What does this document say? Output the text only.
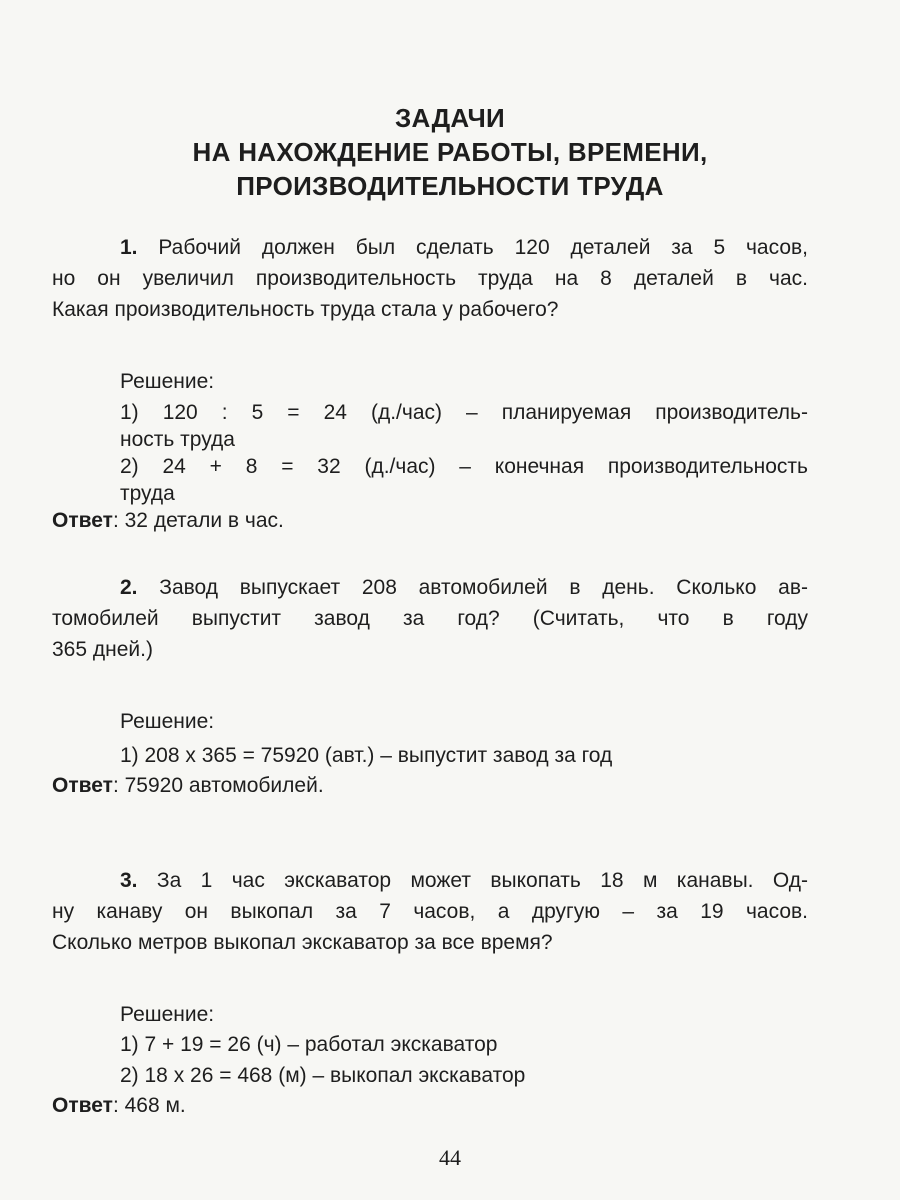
ЗАДАЧИ
НА НАХОЖДЕНИЕ РАБОТЫ, ВРЕМЕНИ,
ПРОИЗВОДИТЕЛЬНОСТИ ТРУДА
1. Рабочий должен был сделать 120 деталей за 5 часов,
но он увеличил производительность труда на 8 деталей в час.
Какая производительность труда стала у рабочего?
Решение:
1) 120 : 5 = 24 (д./час) – планируемая производитель-
ность труда
2) 24 + 8 = 32 (д./час) – конечная производительность
труда
Ответ: 32 детали в час.
2. Завод выпускает 208 автомобилей в день. Сколько ав-
томобилей выпустит завод за год? (Считать, что в году
365 дней.)
Решение:
1) 208 х 365 = 75920 (авт.) – выпустит завод за год
Ответ: 75920 автомобилей.
3. За 1 час экскаватор может выкопать 18 м канавы. Од-
ну канаву он выкопал за 7 часов, а другую – за 19 часов.
Сколько метров выкопал экскаватор за все время?
Решение:
1) 7 + 19 = 26 (ч) – работал экскаватор
2) 18 х 26 = 468 (м) – выкопал экскаватор
Ответ: 468 м.
44
